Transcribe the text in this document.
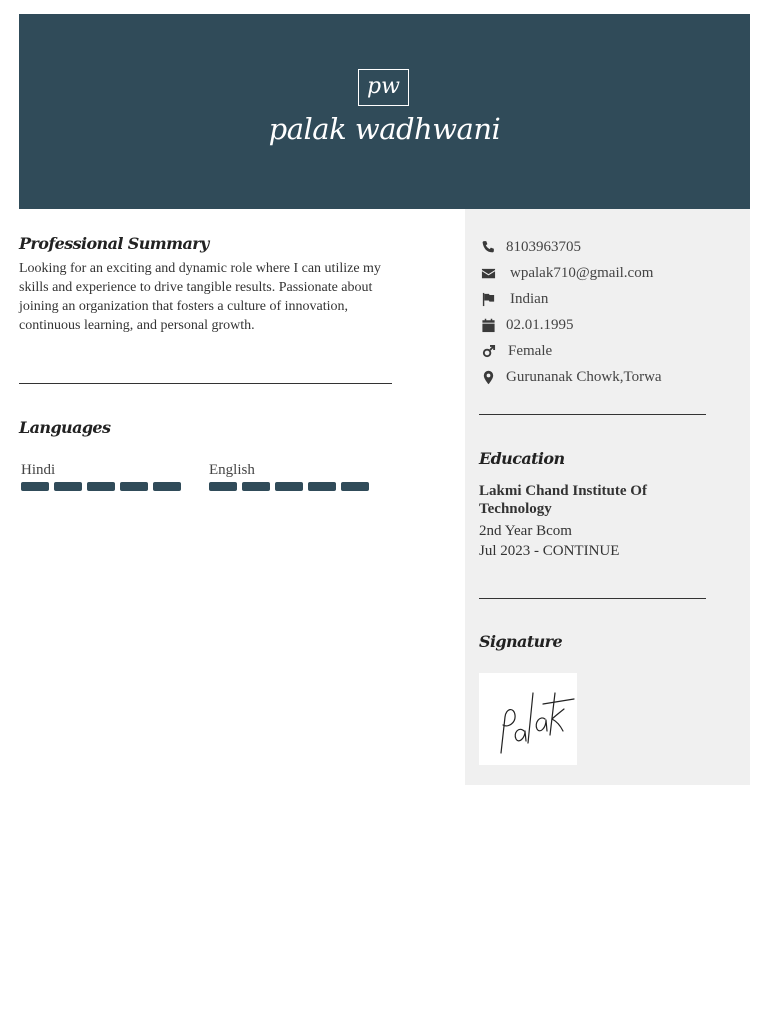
pw
palak wadhwani
Professional Summary
Looking for an exciting and dynamic role where I can utilize my skills and experience to drive tangible results. Passionate about joining an organization that fosters a culture of innovation, continuous learning, and personal growth.
Languages
Hindi	English
8103963705
wpalak710@gmail.com
Indian
02.01.1995
Female
Gurunanak Chowk,Torwa
Education
Lakmi Chand Institute Of Technology
2nd Year Bcom
Jul 2023 - CONTINUE
Signature
